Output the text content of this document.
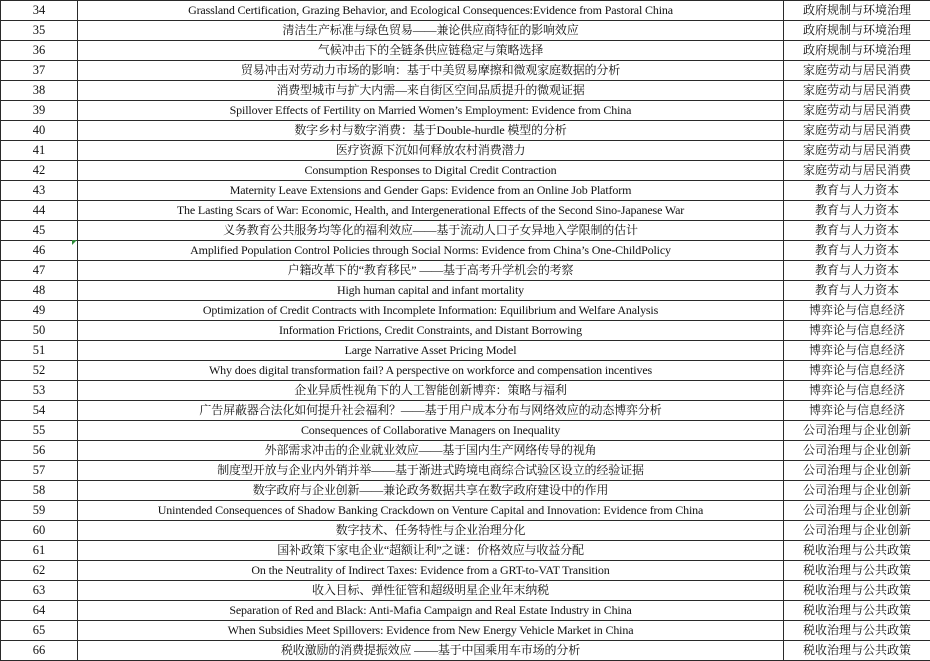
34	Grassland Certification, Grazing Behavior, and Ecological Consequences:Evidence from Pastoral China	政府规制与环境治理
35	清洁生产标准与绿色贸易——兼论供应商特征的影响效应	政府规制与环境治理
36	气候冲击下的全链条供应链稳定与策略选择	政府规制与环境治理
37	贸易冲击对劳动力市场的影响：基于中美贸易摩擦和微观家庭数据的分析	家庭劳动与居民消费
38	消费型城市与扩大内需—来自街区空间品质提升的微观证据	家庭劳动与居民消费
39	Spillover Effects of Fertility on Married Women’s Employment: Evidence from China	家庭劳动与居民消费
40	数字乡村与数字消费：基于Double-hurdle 模型的分析	家庭劳动与居民消费
41	医疗资源下沉如何释放农村消费潜力	家庭劳动与居民消费
42	Consumption Responses to Digital Credit Contraction	家庭劳动与居民消费
43	Maternity Leave Extensions and Gender Gaps: Evidence from an Online Job Platform	教育与人力资本
44	The Lasting Scars of War: Economic, Health, and Intergenerational Effects of the Second Sino-Japanese War	教育与人力资本
45	义务教育公共服务均等化的福利效应——基于流动人口子女异地入学限制的估计	教育与人力资本
46	Amplified Population Control Policies through Social Norms: Evidence from China’s One-ChildPolicy	教育与人力资本
47	户籍改革下的“教育移民” ——基于高考升学机会的考察	教育与人力资本
48	High human capital and infant mortality	教育与人力资本
49	Optimization of Credit Contracts with Incomplete Information: Equilibrium and Welfare Analysis	博弈论与信息经济
50	Information Frictions, Credit Constraints, and Distant Borrowing	博弈论与信息经济
51	Large Narrative Asset Pricing Model	博弈论与信息经济
52	Why does digital transformation fail? A perspective on workforce and compensation incentives	博弈论与信息经济
53	企业异质性视角下的人工智能创新博弈：策略与福利	博弈论与信息经济
54	广告屏蔽器合法化如何提升社会福利？——基于用户成本分布与网络效应的动态博弈分析	博弈论与信息经济
55	Consequences of Collaborative Managers on Inequality	公司治理与企业创新
56	外部需求冲击的企业就业效应——基于国内生产网络传导的视角	公司治理与企业创新
57	制度型开放与企业内外销并举——基于渐进式跨境电商综合试验区设立的经验证据	公司治理与企业创新
58	数字政府与企业创新——兼论政务数据共享在数字政府建设中的作用	公司治理与企业创新
59	Unintended Consequences of Shadow Banking Crackdown on Venture Capital and Innovation: Evidence from China	公司治理与企业创新
60	数字技术、任务特性与企业治理分化	公司治理与企业创新
61	国补政策下家电企业“超额让利”之谜：价格效应与收益分配	税收治理与公共政策
62	On the Neutrality of Indirect Taxes: Evidence from a GRT-to-VAT Transition	税收治理与公共政策
63	收入目标、弹性征管和超级明星企业年末纳税	税收治理与公共政策
64	Separation of Red and Black: Anti-Mafia Campaign and Real Estate Industry in China	税收治理与公共政策
65	When Subsidies Meet Spillovers: Evidence from New Energy Vehicle Market in China	税收治理与公共政策
66	税收激励的消费提振效应 ——基于中国乘用车市场的分析	税收治理与公共政策
